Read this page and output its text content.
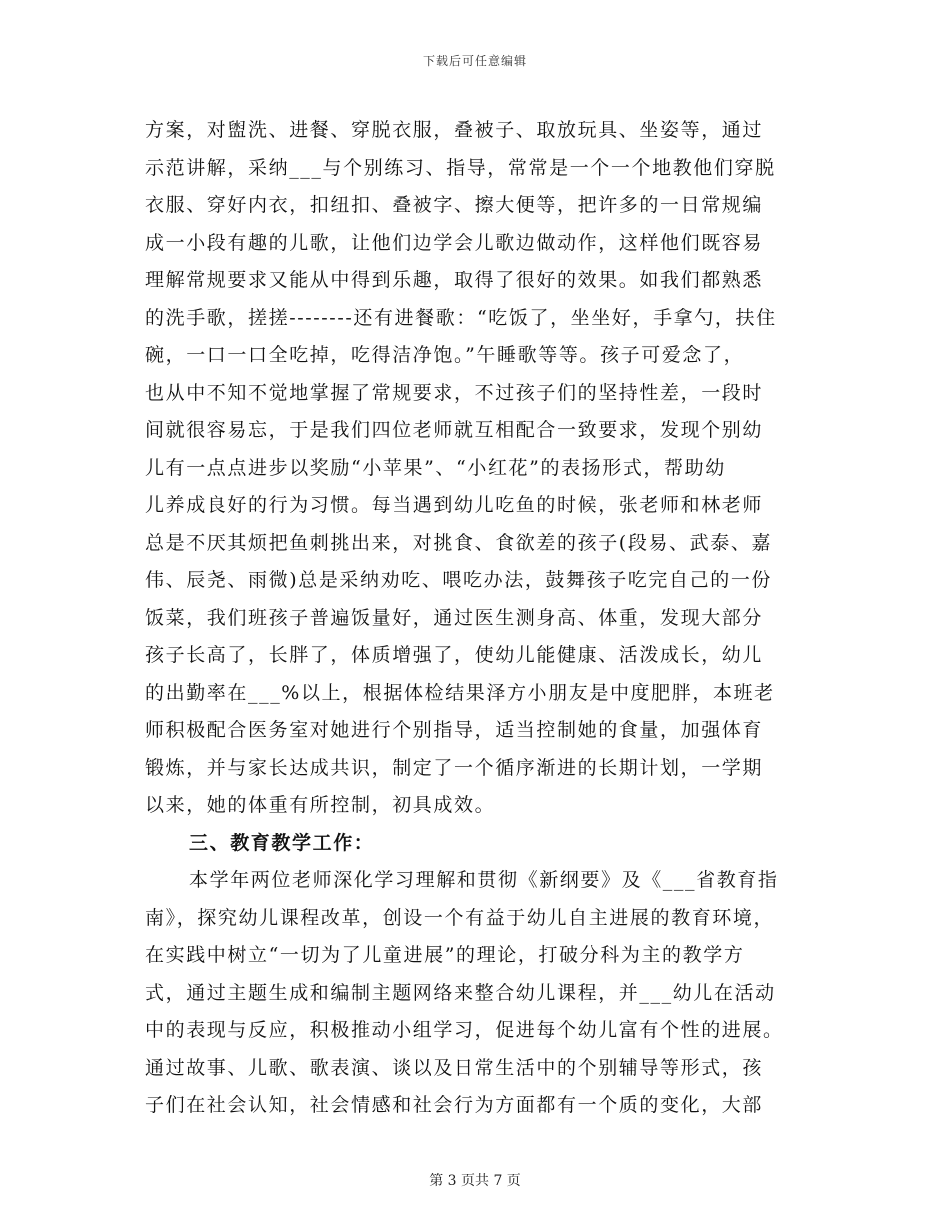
下载后可任意编辑
方案，对盥洗、进餐、穿脱衣服，叠被子、取放玩具、坐姿等，通过
示范讲解，采纳___与个别练习、指导，常常是一个一个地教他们穿脱
衣服、穿好内衣，扣纽扣、叠被字、擦大便等，把许多的一日常规编
成一小段有趣的儿歌，让他们边学会儿歌边做动作，这样他们既容易
理解常规要求又能从中得到乐趣，取得了很好的效果。如我们都熟悉
的洗手歌，搓搓--------还有进餐歌：“吃饭了，坐坐好，手拿勺，扶住
碗，一口一口全吃掉，吃得洁净饱。”午睡歌等等。孩子可爱念了，
也从中不知不觉地掌握了常规要求，不过孩子们的坚持性差，一段时
间就很容易忘，于是我们四位老师就互相配合一致要求，发现个别幼
儿有一点点进步以奖励“小苹果”、“小红花”的表扬形式，帮助幼
儿养成良好的行为习惯。每当遇到幼儿吃鱼的时候，张老师和林老师
总是不厌其烦把鱼刺挑出来，对挑食、食欲差的孩子(段易、武泰、嘉
伟、辰尧、雨微)总是采纳劝吃、喂吃办法，鼓舞孩子吃完自己的一份
饭菜，我们班孩子普遍饭量好，通过医生测身高、体重，发现大部分
孩子长高了，长胖了，体质增强了，使幼儿能健康、活泼成长，幼儿
的出勤率在___%以上，根据体检结果泽方小朋友是中度肥胖，本班老
师积极配合医务室对她进行个别指导，适当控制她的食量，加强体育
锻炼，并与家长达成共识，制定了一个循序渐进的长期计划，一学期
以来，她的体重有所控制，初具成效。
三、教育教学工作：
本学年两位老师深化学习理解和贯彻《新纲要》及《___省教育指
南》，探究幼儿课程改革，创设一个有益于幼儿自主进展的教育环境，
在实践中树立“一切为了儿童进展”的理论，打破分科为主的教学方
式，通过主题生成和编制主题网络来整合幼儿课程，并___幼儿在活动
中的表现与反应，积极推动小组学习，促进每个幼儿富有个性的进展。
通过故事、儿歌、歌表演、谈以及日常生活中的个别辅导等形式，孩
子们在社会认知，社会情感和社会行为方面都有一个质的变化，大部
第 3 页共 7 页
